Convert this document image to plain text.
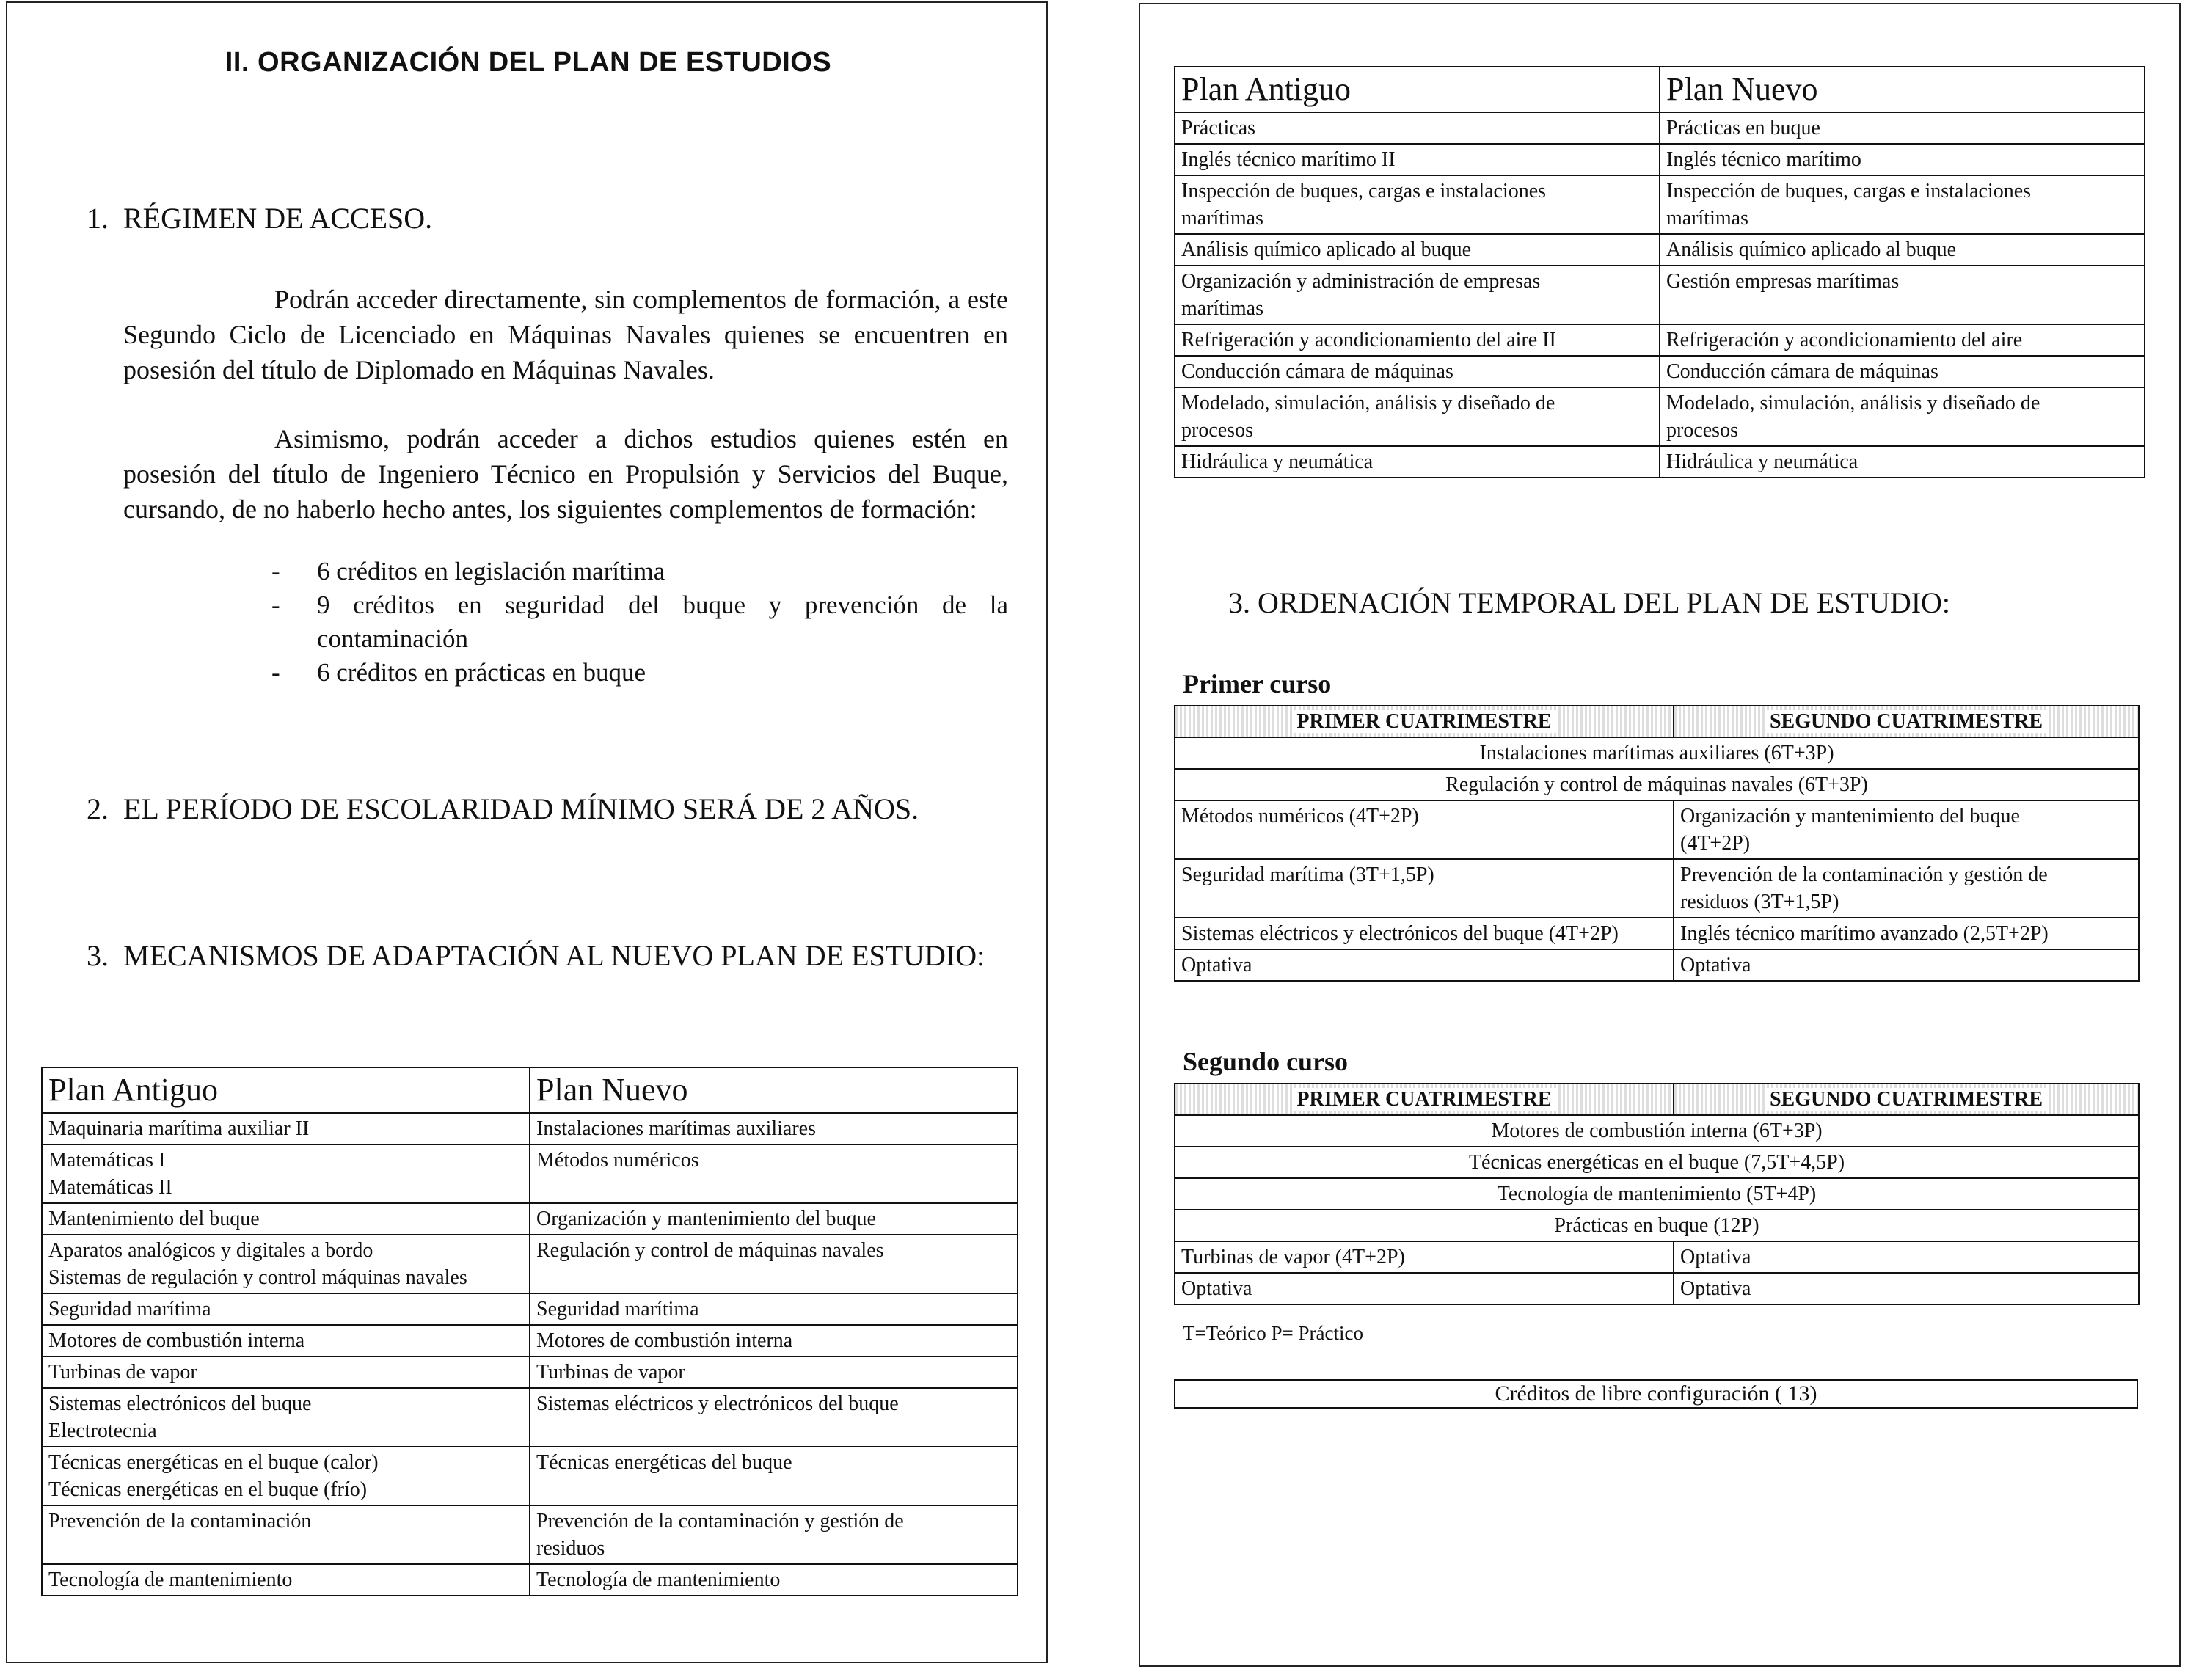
II. ORGANIZACIÓN DEL PLAN DE ESTUDIOS
1. RÉGIMEN DE ACCESO.
Podrán acceder directamente, sin complementos de formación, a este Segundo Ciclo de Licenciado en Máquinas Navales quienes se encuentren en posesión del título de Diplomado en Máquinas Navales.
Asimismo, podrán acceder a dichos estudios quienes estén en posesión del título de Ingeniero Técnico en Propulsión y Servicios del Buque, cursando, de no haberlo hecho antes, los siguientes complementos de formación:
- 6 créditos en legislación marítima
- 9 créditos en seguridad del buque y prevención de la contaminación
- 6 créditos en prácticas en buque
2. EL PERÍODO DE ESCOLARIDAD MÍNIMO SERÁ DE 2 AÑOS.
3. MECANISMOS DE ADAPTACIÓN AL NUEVO PLAN DE ESTUDIO:
Plan Antiguo	Plan Nuevo

Maquinaria marítima auxiliar II	Instalaciones marítimas auxiliares

Matemáticas I
Matemáticas II	Métodos numéricos

Mantenimiento del buque	Organización y mantenimiento del buque

Aparatos analógicos y digitales a bordo
Sistemas de regulación y control máquinas navales	Regulación y control de máquinas navales

Seguridad marítima	Seguridad marítima

Motores de combustión interna	Motores de combustión interna

Turbinas de vapor	Turbinas de vapor

Sistemas electrónicos del buque
Electrotecnia	Sistemas eléctricos y electrónicos del buque

Técnicas energéticas en el buque (calor)
Técnicas energéticas en el buque (frío)	Técnicas energéticas del buque

Prevención de la contaminación	Prevención de la contaminación y gestión de
residuos

Tecnología de mantenimiento	Tecnología de mantenimiento
Plan Antiguo	Plan Nuevo

Prácticas	Prácticas en buque

Inglés técnico marítimo II	Inglés técnico marítimo

Inspección de buques, cargas e instalaciones
marítimas	Inspección de buques, cargas e instalaciones
marítimas

Análisis químico aplicado al buque	Análisis químico aplicado al buque

Organización y administración de empresas
marítimas	Gestión empresas marítimas

Refrigeración y acondicionamiento del aire II	Refrigeración y acondicionamiento del aire

Conducción cámara de máquinas	Conducción cámara de máquinas

Modelado, simulación, análisis y diseñado de
procesos	Modelado, simulación, análisis y diseñado de
procesos

Hidráulica y neumática	Hidráulica y neumática
3. ORDENACIÓN TEMPORAL DEL PLAN DE ESTUDIO:
Primer curso
PRIMER CUATRIMESTRE	SEGUNDO CUATRIMESTRE
Instalaciones marítimas auxiliares (6T+3P)	
Regulación y control de máquinas navales (6T+3P)	

Métodos numéricos (4T+2P)	Organización y mantenimiento del buque
(4T+2P)

Seguridad marítima (3T+1,5P)	Prevención de la contaminación y gestión de
residuos (3T+1,5P)

Sistemas eléctricos y electrónicos del buque (4T+2P)	Inglés técnico marítimo avanzado (2,5T+2P)

Optativa	Optativa
Segundo curso
PRIMER CUATRIMESTRE	SEGUNDO CUATRIMESTRE
Motores de combustión interna (6T+3P)	
Técnicas energéticas en el buque (7,5T+4,5P)	
Tecnología de mantenimiento (5T+4P)	
Prácticas en buque (12P)	

Turbinas de vapor (4T+2P)	Optativa

Optativa	Optativa
T=Teórico P= Práctico
Créditos de libre configuración ( 13)
